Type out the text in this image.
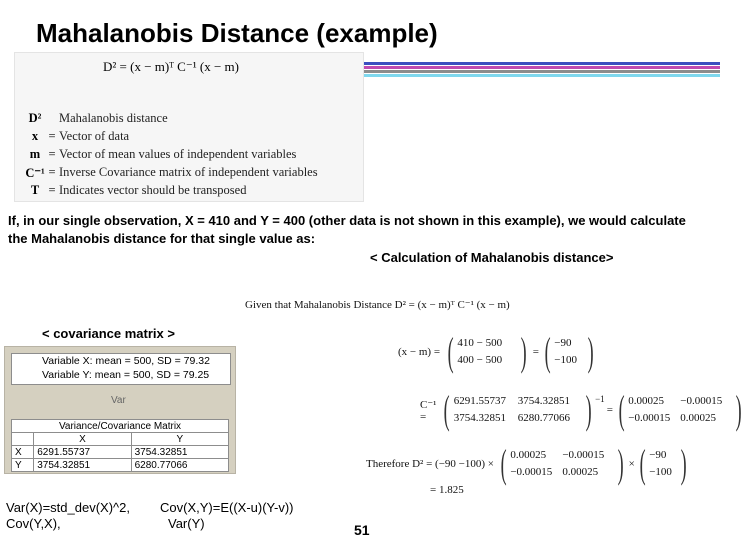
Mahalanobis Distance (example)
D² = (x − m)ᵀ C⁻¹ (x − m)
D²	Mahalanobis distance
x = Vector of data
m = Vector of mean values of independent variables
C⁻¹ = Inverse Covariance matrix of independent variables
T = Indicates vector should be transposed
If, in our single observation, X = 410 and Y = 400 (other data is not shown in this example), we would calculate the Mahalanobis distance for that single value as:
< Calculation of Mahalanobis distance>
Given that Mahalanobis Distance D² = (x − m)ᵀ C⁻¹ (x − m)
< covariance matrix >
Variable X: mean = 500, SD = 79.32
Variable Y: mean = 500, SD = 79.25
Var
Variance/Covariance Matrix		
	X	Y
X	6291.55737	3754.32851
Y	3754.32851	6280.77066
(x − m) = ( 410 − 500
400 − 500 ) = ( −90
−100 )
C⁻¹ = ( 6291.55737	3754.32851
3754.32851	6280.77066 ) $^{-1}$
= ( 0.00025	−0.00015
−0.00015 0.00025 )
Therefore D² = (−90 −100) × ( 0.00025	−0.00015
−0.00015 0.00025 ) × ( −90
−100 )
= 1.825
Var(X)=std_dev(X)^2,
Cov(Y,X),
Cov(X,Y)=E((X-u)(Y-v))
Var(Y)	51
